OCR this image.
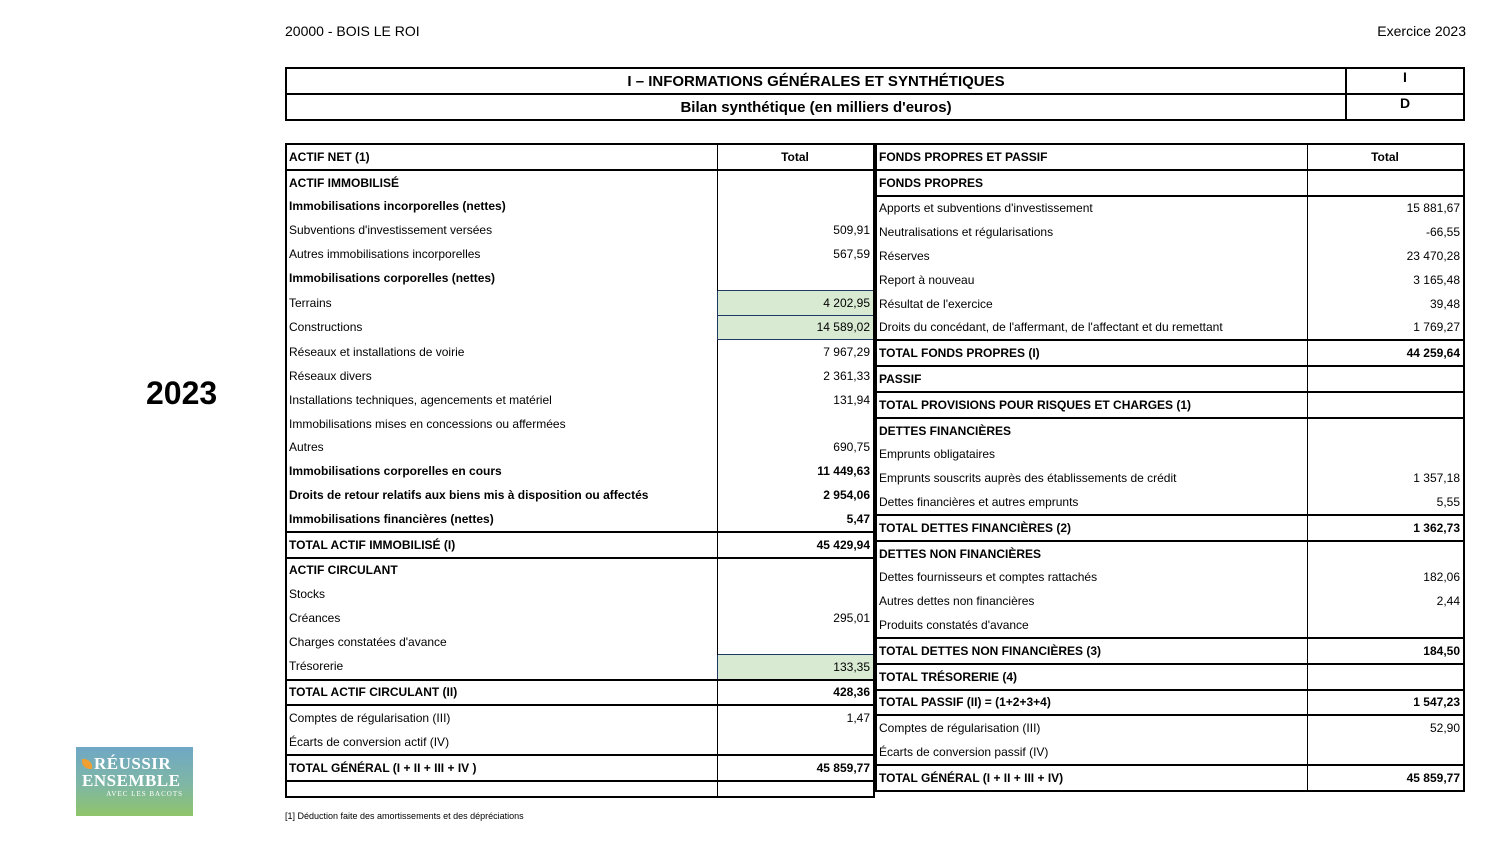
20000 - BOIS LE ROI	Exercice 2023
2023
I – INFORMATIONS GÉNÉRALES ET SYNTHÉTIQUES	I
Bilan synthétique (en milliers d'euros)	D
ACTIF NET (1)	Total
ACTIF IMMOBILISÉ	
Immobilisations incorporelles (nettes)	
Subventions d'investissement versées	509,91
Autres immobilisations incorporelles	567,59
Immobilisations corporelles (nettes)	
Terrains	4 202,95
Constructions	14 589,02
Réseaux et installations de voirie	7 967,29
Réseaux divers	2 361,33
Installations techniques, agencements et matériel	131,94
Immobilisations mises en concessions ou affermées	
Autres	690,75
Immobilisations corporelles en cours	11 449,63
Droits de retour relatifs aux biens mis à disposition ou affectés	2 954,06
Immobilisations financières (nettes)	5,47
TOTAL ACTIF IMMOBILISÉ (I)	45 429,94
ACTIF CIRCULANT	
Stocks	
Créances	295,01
Charges constatées d'avance	
Trésorerie	133,35
TOTAL ACTIF CIRCULANT (II)	428,36
Comptes de régularisation (III)	1,47
Écarts de conversion actif (IV)	
TOTAL GÉNÉRAL (I + II + III + IV )	45 859,77

FONDS PROPRES ET PASSIF	Total
FONDS PROPRES	
Apports et subventions d'investissement	15 881,67
Neutralisations et régularisations	-66,55
Réserves	23 470,28
Report à nouveau	3 165,48
Résultat de l'exercice	39,48
Droits du concédant, de l'affermant, de l'affectant et du remettant	1 769,27
TOTAL FONDS PROPRES (I)	44 259,64
PASSIF	
TOTAL PROVISIONS POUR RISQUES ET CHARGES (1)	
DETTES FINANCIÈRES	
Emprunts obligataires	
Emprunts souscrits auprès des établissements de crédit	1 357,18
Dettes financières et autres emprunts	5,55
TOTAL DETTES FINANCIÈRES (2)	1 362,73
DETTES NON FINANCIÈRES	
Dettes fournisseurs et comptes rattachés	182,06
Autres dettes non financières	2,44
Produits constatés d'avance	
TOTAL DETTES NON FINANCIÈRES (3)	184,50
TOTAL TRÉSORERIE (4)	
TOTAL PASSIF (II) = (1+2+3+4)	1 547,23
Comptes de régularisation (III)	52,90
Écarts de conversion passif (IV)	
TOTAL GÉNÉRAL (I + II + III + IV)	45 859,77
[1] Déduction faite des amortissements et des dépréciations
RÉUSSIR
ENSEMBLE
AVEC LES BACOTS
